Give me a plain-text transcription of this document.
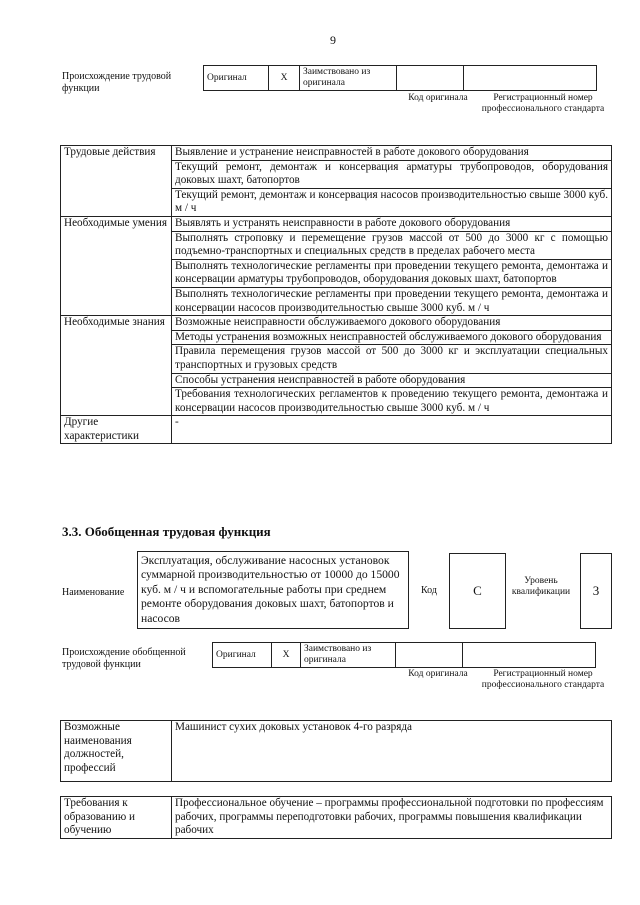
9
Происхождение трудовой функции
Оригинал	X	Заимствовано из оригинала		
Код оригинала	Регистрационный номер профессионального стандарта
Трудовые действия	Выявление и устранение неисправностей в работе докового оборудования
	Текущий ремонт, демонтаж и консервация арматуры трубопроводов, оборудования доковых шахт, батопортов
	Текущий ремонт, демонтаж и консервация насосов производительностью свыше 3000 куб. м / ч
Необходимые умения	Выявлять и устранять неисправности в работе докового оборудования
	Выполнять строповку и перемещение грузов массой от 500 до 3000 кг с помощью подъемно-транспортных и специальных средств в пределах рабочего места
	Выполнять технологические регламенты при проведении текущего ремонта, демонтажа и консервации арматуры трубопроводов, оборудования доковых шахт, батопортов
	Выполнять технологические регламенты при проведении текущего ремонта, демонтажа и консервации насосов производительностью свыше 3000 куб. м / ч
Необходимые знания	Возможные неисправности обслуживаемого докового оборудования
	Методы устранения возможных неисправностей обслуживаемого докового оборудования
	Правила перемещения грузов массой от 500 до 3000 кг и эксплуатации специальных транспортных и грузовых средств
	Способы устранения неисправностей в работе оборудования
	Требования технологических регламентов к проведению текущего ремонта, демонтажа и консервации насосов производительностью свыше 3000 куб. м / ч
Другие характеристики	-
3.3. Обобщенная трудовая функция
Наименование
Эксплуатация, обслуживание насосных установок суммарной производительностью от 10000 до 15000 куб. м / ч и вспомогательные работы при среднем ремонте оборудования доковых шахт, батопортов и насосов
Код	C
Уровень квалификации	3
Происхождение обобщенной трудовой функции
Оригинал	X	Заимствовано из оригинала		
Код оригинала	Регистрационный номер профессионального стандарта
Возможные наименования должностей, профессий	Машинист сухих доковых установок 4-го разряда
Требования к образованию и обучению	Профессиональное обучение – программы профессиональной подготовки по профессиям рабочих, программы переподготовки рабочих, программы повышения квалификации рабочих
